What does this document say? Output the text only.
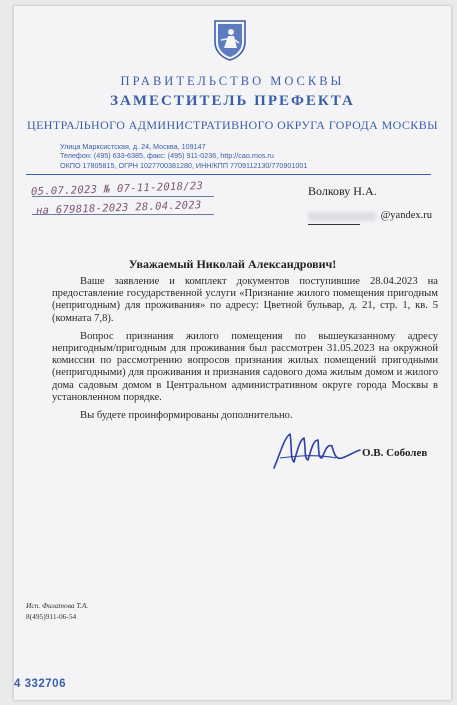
ПРАВИТЕЛЬСТВО МОСКВЫ
ЗАМЕСТИТЕЛЬ ПРЕФЕКТА
ЦЕНТРАЛЬНОГО АДМИНИСТРАТИВНОГО ОКРУГА ГОРОДА МОСКВЫ
Улица Марксистская, д. 24, Москва, 109147
Телефон: (495) 633-6385, факс: (495) 911-0236, http://cao.mos.ru
ОКПО 17805815, ОГРН 1027700381280, ИНН/КПП 7709112130/770901001
05.07.2023 № 07-11-2018/23
на 679818-2023 28.04.2023
Волкову Н.А.
@yandex.ru
Уважаемый Николай Александрович!

Ваше заявление и комплект документов поступившие 28.04.2023 на предоставление государственной услуги «Признание жилого помещения пригодным (непригодным) для проживания» по адресу: Цветной бульвар, д. 21, стр. 1, кв. 5 (комната 7,8).

Вопрос признания жилого помещения по вышеуказанному адресу непригодным/пригодным для проживания был рассмотрен 31.05.2023 на окружной комиссии по рассмотрению вопросов признания жилых помещений пригодными (непригодными) для проживания и признания садового дома жилым домом и жилого дома садовым домом в Центральном административном округе города Москвы в установленном порядке.

Вы будете проинформированы дополнительно.

О.В. Соболев
Исп. Филатова Т.А.
8(495)911-06-54
4 332706
